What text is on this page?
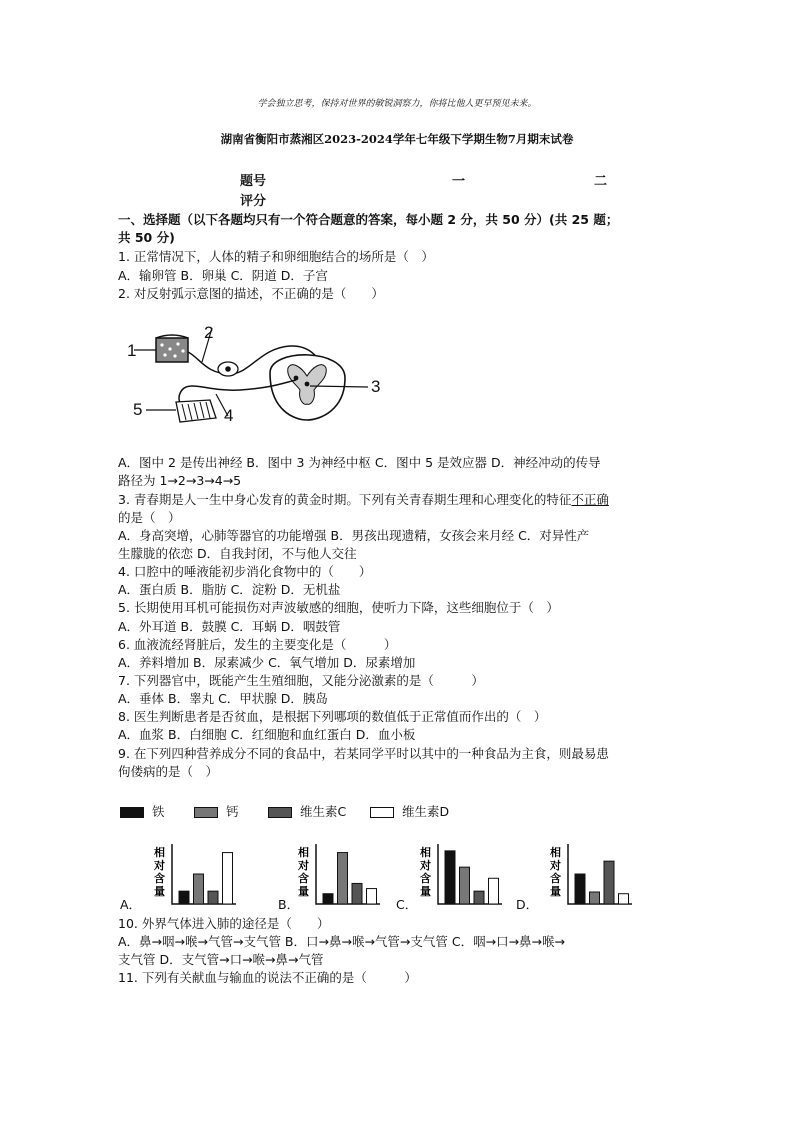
学会独立思考，保持对世界的敏锐洞察力，你将比他人更早预见未来。
湖南省衡阳市蒸湘区2023-2024学年七年级下学期生物7月期末试卷
题号	一	二
评分
一、选择题（以下各题均只有一个符合题意的答案，每小题 2 分，共 50 分）(共 25 题；
共 50 分)
1. 正常情况下，人体的精子和卵细胞结合的场所是（　）
A．输卵管 B．卵巢 C．阴道 D．子宫
2. 对反射弧示意图的描述，不正确的是（　　）
1
2
3
4
5
A．图中 2 是传出神经 B．图中 3 为神经中枢 C．图中 5 是效应器 D．神经冲动的传导
路径为 1→2→3→4→5
3. 青春期是人一生中身心发育的黄金时期。下列有关青春期生理和心理变化的特征不正确
的是（　）
A．身高突增，心肺等器官的功能增强 B．男孩出现遗精，女孩会来月经 C．对异性产
生朦胧的依恋 D．自我封闭，不与他人交往
4. 口腔中的唾液能初步消化食物中的（　　）
A．蛋白质 B．脂肪 C．淀粉 D．无机盐
5. 长期使用耳机可能损伤对声波敏感的细胞，使听力下降，这些细胞位于（　）
A．外耳道 B．鼓膜 C．耳蜗 D．咽鼓管
6. 血液流经肾脏后，发生的主要变化是（　　　）
A．养料增加 B．尿素减少 C．氧气增加 D．尿素增加
7. 下列器官中，既能产生生殖细胞，又能分泌激素的是（　　　）
A．垂体 B．睾丸 C．甲状腺 D．胰岛
8. 医生判断患者是否贫血，是根据下列哪项的数值低于正常值而作出的（　）
A．血浆 B．白细胞 C．红细胞和血红蛋白 D．血小板
9. 在下列四种营养成分不同的食品中，若某同学平时以其中的一种食品为主食，则最易患
佝偻病的是（　）
铁	钙	维生素C	维生素D
相
对
含
量
A．
相
对
含
量
B．
相
对
含
量
C．
相
对
含
量
D．
10. 外界气体进入肺的途径是（　　）
A．鼻→咽→喉→气管→支气管 B．口→鼻→喉→气管→支气管 C．咽→口→鼻→喉→
支气管 D．支气管→口→喉→鼻→气管
11. 下列有关献血与输血的说法不正确的是（　　　）
